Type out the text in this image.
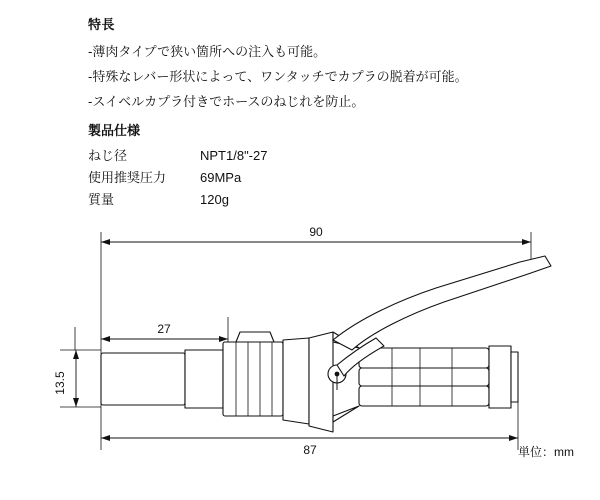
特長
-薄肉タイプで狭い箇所への注入も可能。
-特殊なレバー形状によって、ワンタッチでカプラの脱着が可能。
-スイベルカプラ付きでホースのねじれを防止。
製品仕様
ねじ径	NPT1/8"-27
使用推奨圧力	69MPa
質量	120g
90
27
13.5
87	単位：mm
